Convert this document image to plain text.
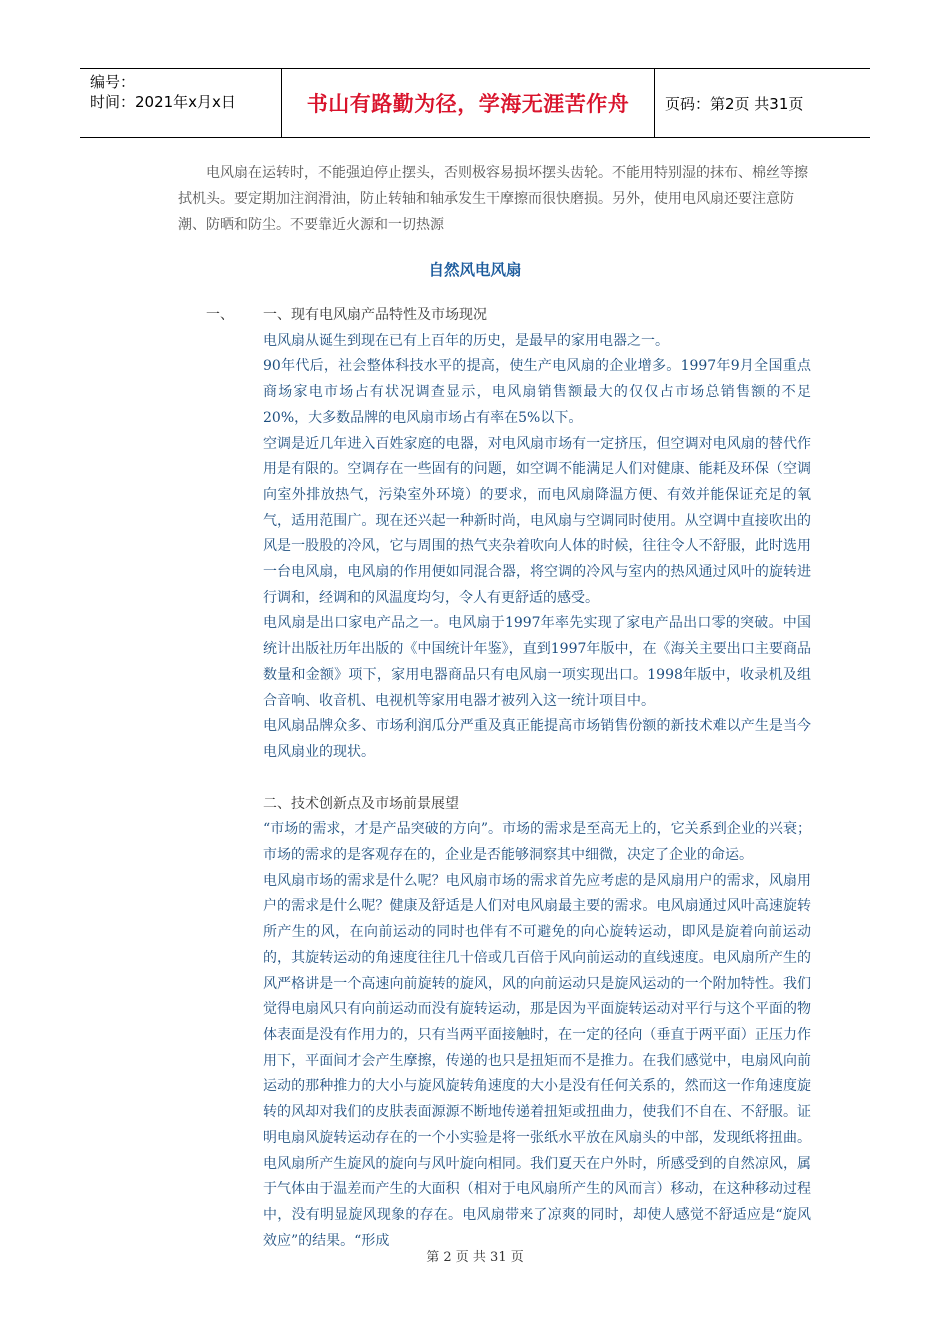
编号：
时间：2021年x月x日	书山有路勤为径，学海无涯苦作舟 页码：第2页 共31页

电风扇在运转时，不能强迫停止摆头，否则极容易损坏摆头齿轮。不能用特别湿的抹布、棉丝等擦拭机头。要定期加注润滑油，防止转轴和轴承发生干摩擦而很快磨损。另外，使用电风扇还要注意防潮、防晒和防尘。不要靠近火源和一切热源

自然风电风扇
一、 一、现有电风扇产品特性及市场现况

电风扇从诞生到现在已有上百年的历史，是最早的家用电器之一。

90年代后，社会整体科技水平的提高，使生产电风扇的企业增多。1997年9月全国重点商场家电市场占有状况调查显示，电风扇销售额最大的仅仅占市场总销售额的不足20%，大多数品牌的电风扇市场占有率在5%以下。

空调是近几年进入百姓家庭的电器，对电风扇市场有一定挤压，但空调对电风扇的替代作用是有限的。空调存在一些固有的问题，如空调不能满足人们对健康、能耗及环保（空调向室外排放热气，污染室外环境）的要求，而电风扇降温方便、有效并能保证充足的氧气，适用范围广。现在还兴起一种新时尚，电风扇与空调同时使用。从空调中直接吹出的风是一股股的冷风，它与周围的热气夹杂着吹向人体的时候，往往令人不舒服，此时选用一台电风扇，电风扇的作用便如同混合器，将空调的冷风与室内的热风通过风叶的旋转进行调和，经调和的风温度均匀，令人有更舒适的感受。

电风扇是出口家电产品之一。电风扇于1997年率先实现了家电产品出口零的突破。中国统计出版社历年出版的《中国统计年鉴》，直到1997年版中，在《海关主要出口主要商品数量和金额》项下，家用电器商品只有电风扇一项实现出口。1998年版中，收录机及组合音响、收音机、电视机等家用电器才被列入这一统计项目中。

电风扇品牌众多、市场利润瓜分严重及真正能提高市场销售份额的新技术难以产生是当今电风扇业的现状。

二、技术创新点及市场前景展望

“市场的需求，才是产品突破的方向”。市场的需求是至高无上的，它关系到企业的兴衰；市场的需求的是客观存在的，企业是否能够洞察其中细微，决定了企业的命运。

电风扇市场的需求是什么呢？电风扇市场的需求首先应考虑的是风扇用户的需求，风扇用户的需求是什么呢？健康及舒适是人们对电风扇最主要的需求。电风扇通过风叶高速旋转所产生的风，在向前运动的同时也伴有不可避免的向心旋转运动，即风是旋着向前运动的，其旋转运动的角速度往往几十倍或几百倍于风向前运动的直线速度。电风扇所产生的风严格讲是一个高速向前旋转的旋风，风的向前运动只是旋风运动的一个附加特性。我们觉得电扇风只有向前运动而没有旋转运动，那是因为平面旋转运动对平行与这个平面的物体表面是没有作用力的，只有当两平面接触时，在一定的径向（垂直于两平面）正压力作用下，平面间才会产生摩擦，传递的也只是扭矩而不是推力。在我们感觉中，电扇风向前运动的那种推力的大小与旋风旋转角速度的大小是没有任何关系的，然而这一作角速度旋转的风却对我们的皮肤表面源源不断地传递着扭矩或扭曲力，使我们不自在、不舒服。证明电扇风旋转运动存在的一个小实验是将一张纸水平放在风扇头的中部，发现纸将扭曲。电风扇所产生旋风的旋向与风叶旋向相同。我们夏天在户外时，所感受到的自然凉风，属于气体由于温差而产生的大面积（相对于电风扇所产生的风而言）移动，在这种移动过程中，没有明显旋风现象的存在。电风扇带来了凉爽的同时，却使人感觉不舒适应是“旋风效应”的结果。“形成

第 2 页 共 31 页
